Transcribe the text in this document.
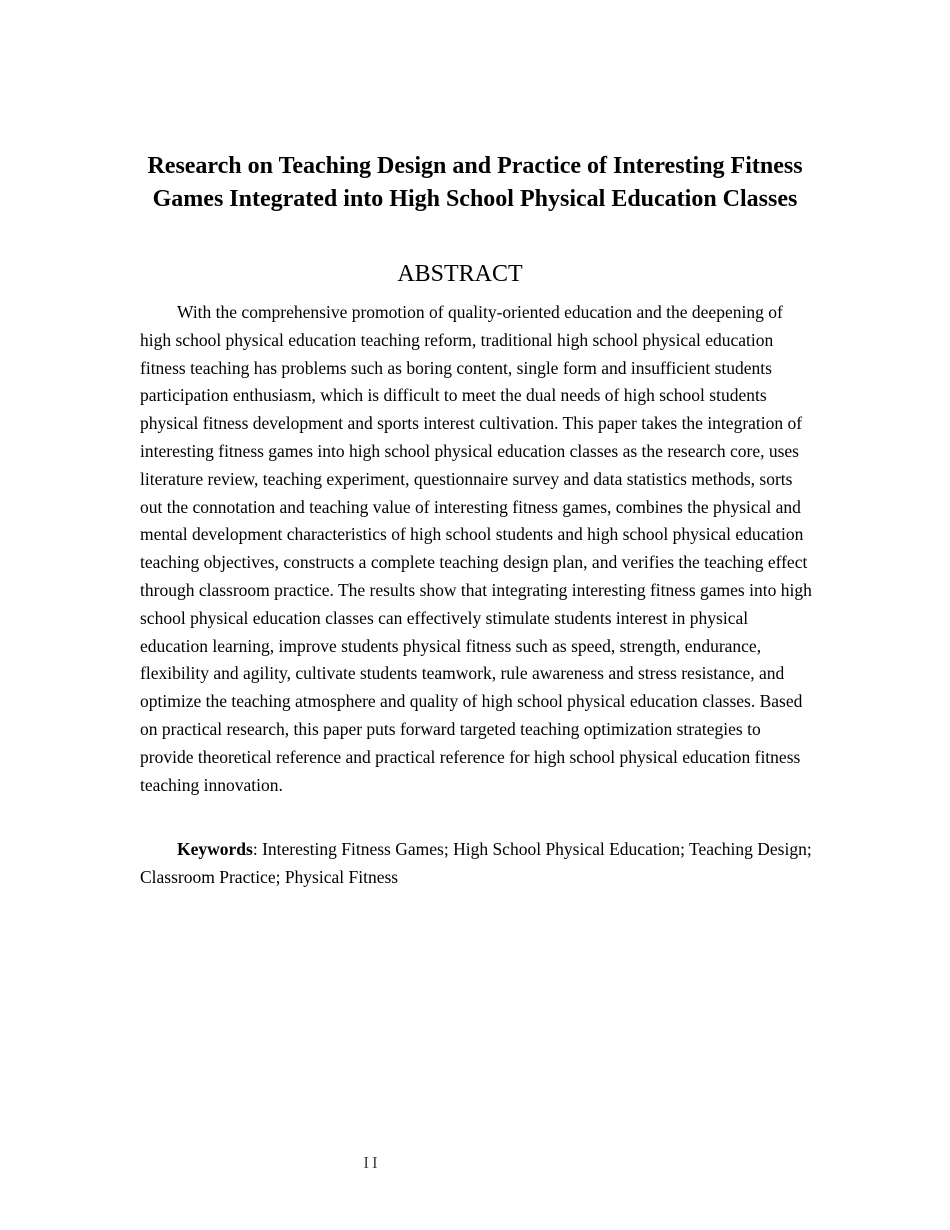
Research on Teaching Design and Practice of Interesting Fitness Games Integrated into High School Physical Education Classes
ABSTRACT

With the comprehensive promotion of quality-oriented education and the deepening of high school physical education teaching reform, traditional high school physical education fitness teaching has problems such as boring content, single form and insufficient students participation enthusiasm, which is difficult to meet the dual needs of high school students physical fitness development and sports interest cultivation. This paper takes the integration of interesting fitness games into high school physical education classes as the research core, uses literature review, teaching experiment, questionnaire survey and data statistics methods, sorts out the connotation and teaching value of interesting fitness games, combines the physical and mental development characteristics of high school students and high school physical education teaching objectives, constructs a complete teaching design plan, and verifies the teaching effect through classroom practice. The results show that integrating interesting fitness games into high school physical education classes can effectively stimulate students interest in physical education learning, improve students physical fitness such as speed, strength, endurance, flexibility and agility, cultivate students teamwork, rule awareness and stress resistance, and optimize the teaching atmosphere and quality of high school physical education classes. Based on practical research, this paper puts forward targeted teaching optimization strategies to provide theoretical reference and practical reference for high school physical education fitness teaching innovation.

Keywords: Interesting Fitness Games; High School Physical Education; Teaching Design; Classroom Practice; Physical Fitness

II
